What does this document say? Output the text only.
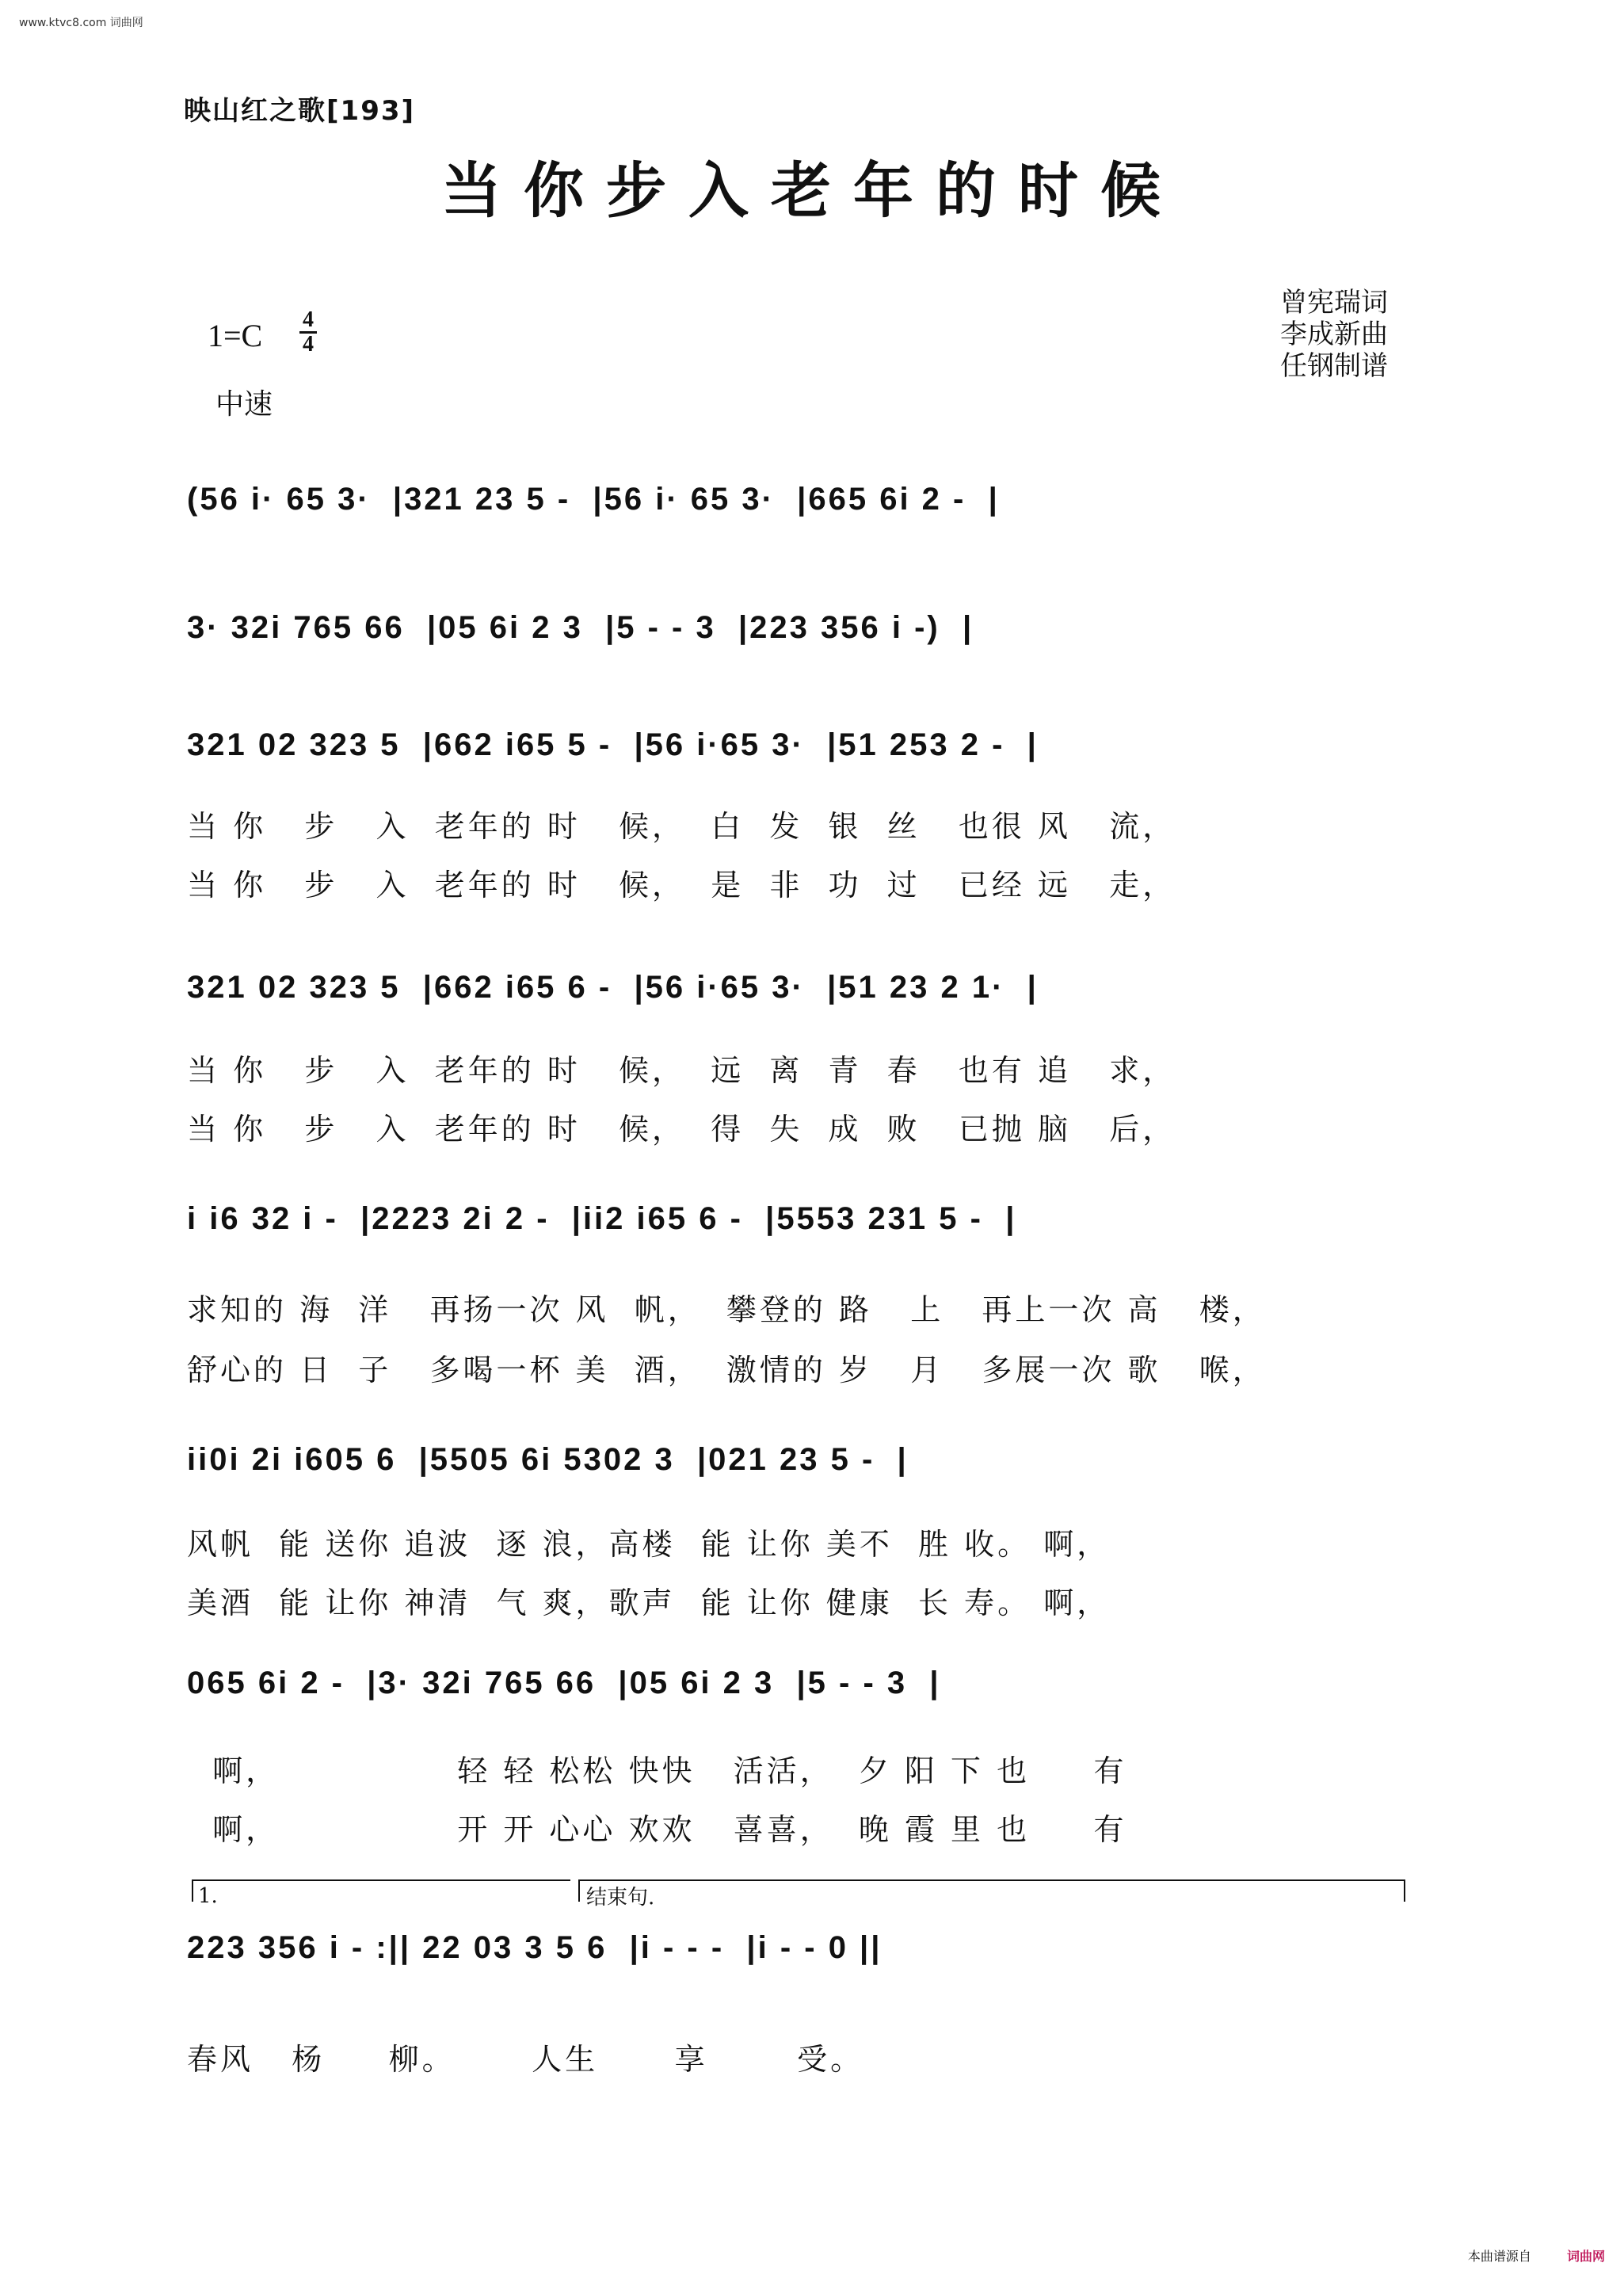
www.ktvc8.com 词曲网
映山红之歌[193]
当你步入老年的时候
曾宪瑞词
李成新曲
任钢制谱
1=C 4
4
中速
(56 i· 65 3·  |321 23 5 -  |56 i· 65 3·  |665 6i 2 -  |
3· 32i 765 66  |05 6i 2 3  |5 - - 3  |223 356 i -)  |
321 02 323 5  |662 i65 5 -  |56 i·65 3·  |51 253 2 -  |
当 你   步   入  老年的 时   候，  白  发  银  丝   也很 风   流，
当 你   步   入  老年的 时   候，  是  非  功  过   已经 远   走，
321 02 323 5  |662 i65 6 -  |56 i·65 3·  |51 23 2 1·  |
当 你   步   入  老年的 时   候，  远  离  青  春   也有 追   求，
当 你   步   入  老年的 时   候，  得  失  成  败   已抛 脑   后，
i i6 32 i -  |2223 2i 2 -  |ii2 i65 6 -  |5553 231 5 -  |
求知的 海  洋   再扬一次 风  帆，  攀登的 路   上   再上一次 高   楼，
舒心的 日  子   多喝一杯 美  酒，  激情的 岁   月   多展一次 歌   喉，
ii0i 2i i605 6  |5505 6i 5302 3  |021 23 5 -  |
风帆  能 送你 追波  逐 浪，高楼  能 让你 美不  胜 收。 啊，
美酒  能 让你 神清  气 爽，歌声  能 让你 健康  长 寿。 啊，
065 6i 2 -  |3· 32i 765 66  |05 6i 2 3  |5 - - 3  |
啊，              轻 轻 松松 快快   活活，  夕 阳 下 也     有
啊，              开 开 心心 欢欢   喜喜，  晚 霞 里 也     有
1.	结束句.
223 356 i - :|| 22 03 3 5 6  |i - - -  |i - - 0 ||
春风   杨     柳。      人生      享       受。
本曲谱源自	词曲网
